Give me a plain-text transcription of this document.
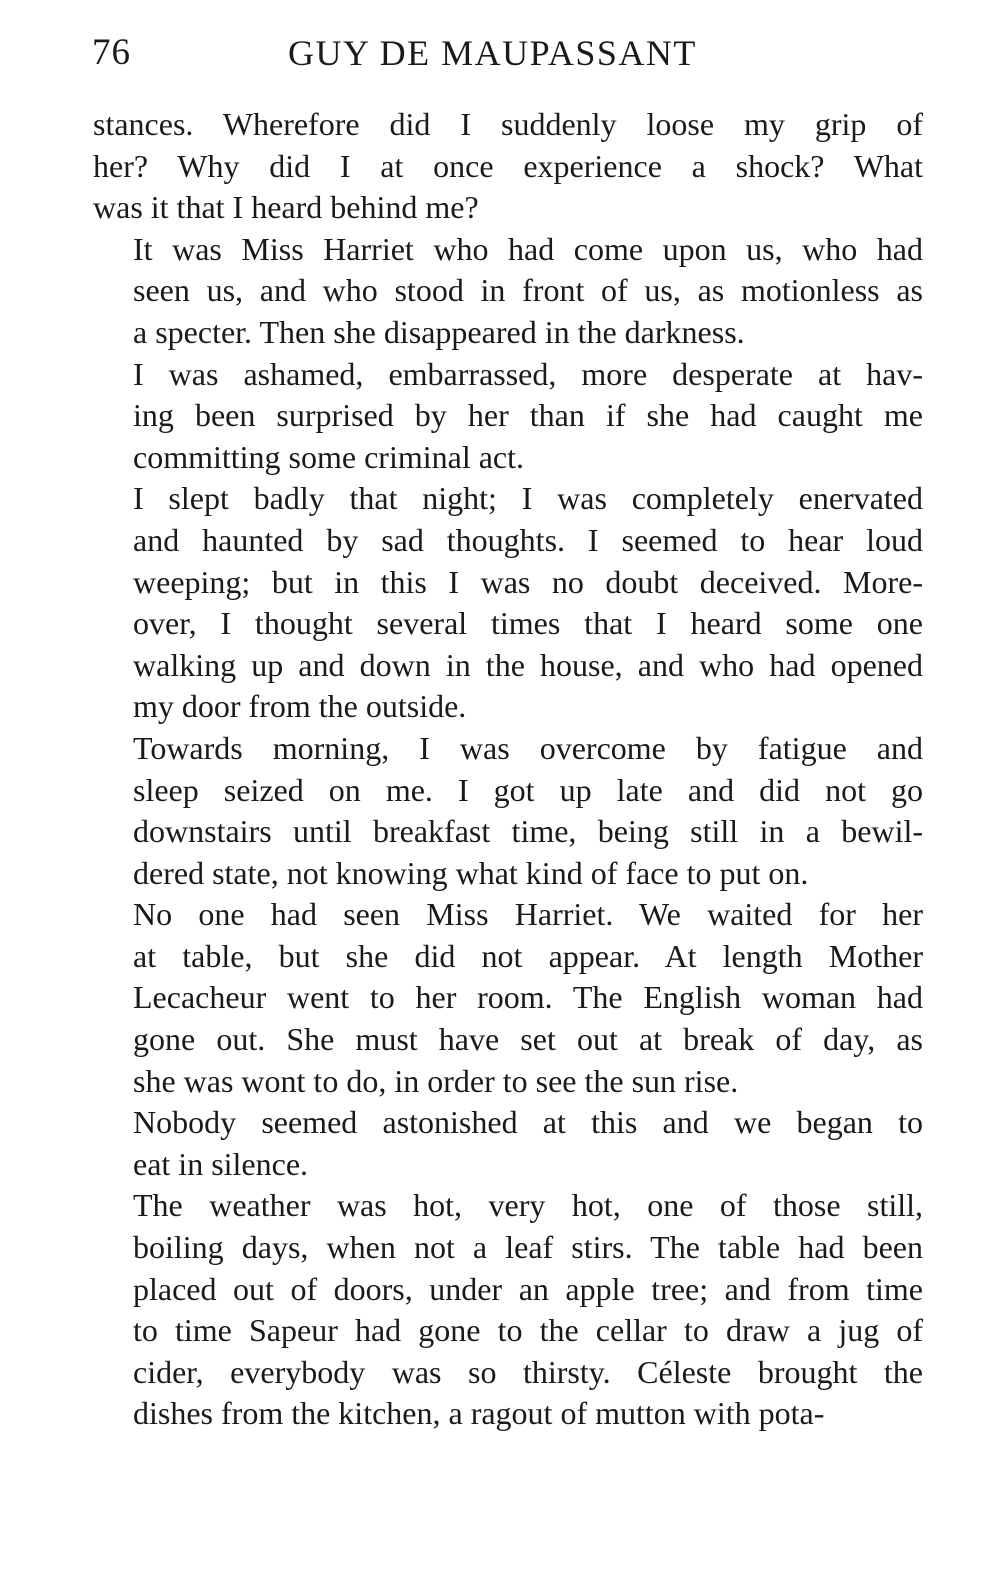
76	GUY DE MAUPASSANT

stances. Wherefore did I suddenly loose my grip of
her? Why did I at once experience a shock? What
was it that I heard behind me?

It was Miss Harriet who had come upon us, who had
seen us, and who stood in front of us, as motionless as
a specter. Then she disappeared in the darkness.

I was ashamed, embarrassed, more desperate at hav-
ing been surprised by her than if she had caught me
committing some criminal act.

I slept badly that night; I was completely enervated
and haunted by sad thoughts. I seemed to hear loud
weeping; but in this I was no doubt deceived. More-
over, I thought several times that I heard some one
walking up and down in the house, and who had opened
my door from the outside.

Towards morning, I was overcome by fatigue and
sleep seized on me. I got up late and did not go
downstairs until breakfast time, being still in a bewil-
dered state, not knowing what kind of face to put on.

No one had seen Miss Harriet. We waited for her
at table, but she did not appear. At length Mother
Lecacheur went to her room. The English woman had
gone out. She must have set out at break of day, as
she was wont to do, in order to see the sun rise.

Nobody seemed astonished at this and we began to
eat in silence.

The weather was hot, very hot, one of those still,
boiling days, when not a leaf stirs. The table had been
placed out of doors, under an apple tree; and from time
to time Sapeur had gone to the cellar to draw a jug of
cider, everybody was so thirsty. Céleste brought the
dishes from the kitchen, a ragout of mutton with pota-
